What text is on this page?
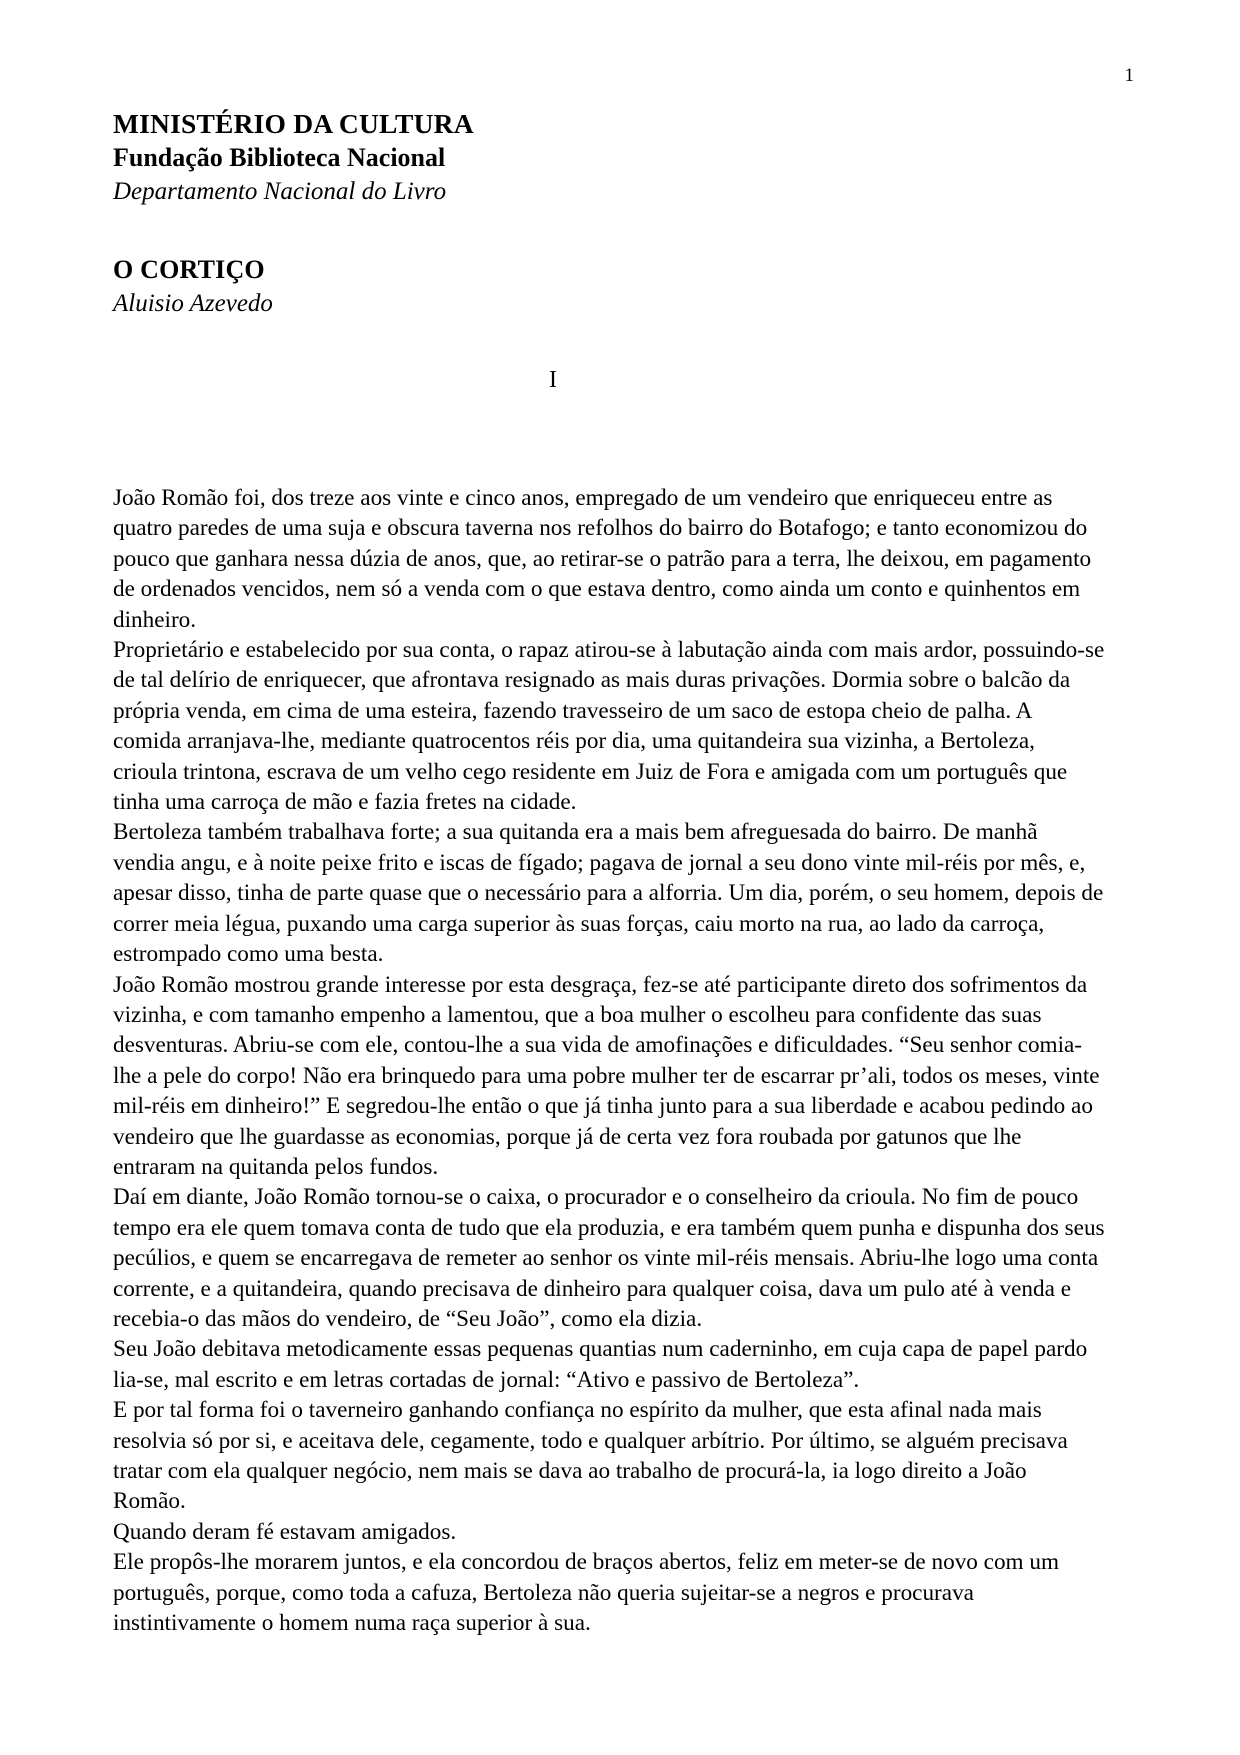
1
MINISTÉRIO DA CULTURA
Fundação Biblioteca Nacional
Departamento Nacional do Livro
O CORTIÇO
Aluisio Azevedo
I

João Romão foi, dos treze aos vinte e cinco anos, empregado de um vendeiro que enriqueceu entre as quatro paredes de uma suja e obscura taverna nos refolhos do bairro do Botafogo; e tanto economizou do pouco que ganhara nessa dúzia de anos, que, ao retirar-se o patrão para a terra, lhe deixou, em pagamento de ordenados vencidos, nem só a venda com o que estava dentro, como ainda um conto e quinhentos em dinheiro.

Proprietário e estabelecido por sua conta, o rapaz atirou-se à labutação ainda com mais ardor, possuindo-se de tal delírio de enriquecer, que afrontava resignado as mais duras privações. Dormia sobre o balcão da própria venda, em cima de uma esteira, fazendo travesseiro de um saco de estopa cheio de palha. A comida arranjava-lhe, mediante quatrocentos réis por dia, uma quitandeira sua vizinha, a Bertoleza, crioula trintona, escrava de um velho cego residente em Juiz de Fora e amigada com um português que tinha uma carroça de mão e fazia fretes na cidade.

Bertoleza também trabalhava forte; a sua quitanda era a mais bem afreguesada do bairro. De manhã vendia angu, e à noite peixe frito e iscas de fígado; pagava de jornal a seu dono vinte mil-réis por mês, e, apesar disso, tinha de parte quase que o necessário para a alforria. Um dia, porém, o seu homem, depois de correr meia légua, puxando uma carga superior às suas forças, caiu morto na rua, ao lado da carroça, estrompado como uma besta.

João Romão mostrou grande interesse por esta desgraça, fez-se até participante direto dos sofrimentos da vizinha, e com tamanho empenho a lamentou, que a boa mulher o escolheu para confidente das suas desventuras. Abriu-se com ele, contou-lhe a sua vida de amofinações e dificuldades. “Seu senhor comia-lhe a pele do corpo! Não era brinquedo para uma pobre mulher ter de escarrar pr’ali, todos os meses, vinte mil-réis em dinheiro!” E segredou-lhe então o que já tinha junto para a sua liberdade e acabou pedindo ao vendeiro que lhe guardasse as economias, porque já de certa vez fora roubada por gatunos que lhe entraram na quitanda pelos fundos.

Daí em diante, João Romão tornou-se o caixa, o procurador e o conselheiro da crioula. No fim de pouco tempo era ele quem tomava conta de tudo que ela produzia, e era também quem punha e dispunha dos seus pecúlios, e quem se encarregava de remeter ao senhor os vinte mil-réis mensais. Abriu-lhe logo uma conta corrente, e a quitandeira, quando precisava de dinheiro para qualquer coisa, dava um pulo até à venda e recebia-o das mãos do vendeiro, de “Seu João”, como ela dizia.

Seu João debitava metodicamente essas pequenas quantias num caderninho, em cuja capa de papel pardo lia-se, mal escrito e em letras cortadas de jornal: “Ativo e passivo de Bertoleza”.

E por tal forma foi o taverneiro ganhando confiança no espírito da mulher, que esta afinal nada mais resolvia só por si, e aceitava dele, cegamente, todo e qualquer arbítrio. Por último, se alguém precisava tratar com ela qualquer negócio, nem mais se dava ao trabalho de procurá-la, ia logo direito a João Romão.

Quando deram fé estavam amigados.

Ele propôs-lhe morarem juntos, e ela concordou de braços abertos, feliz em meter-se de novo com um português, porque, como toda a cafuza, Bertoleza não queria sujeitar-se a negros e procurava instintivamente o homem numa raça superior à sua.
